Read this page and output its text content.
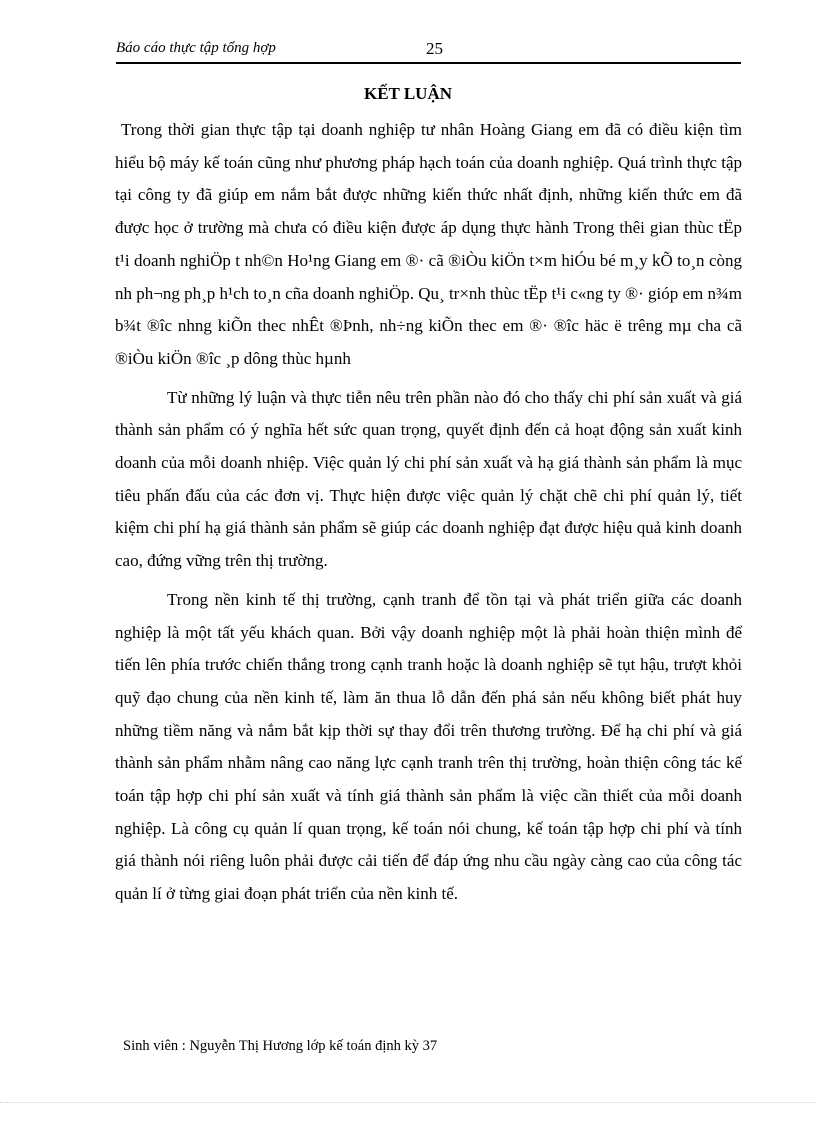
Báo cáo thực tập tổng hợp	25
KẾT LUẬN

Trong thời gian thực tập tại doanh nghiệp tư nhân Hoàng Giang em đã có điều kiện tìm hiểu bộ máy kế toán cũng như phương pháp hạch toán của doanh nghiệp. Quá trình thực tập tại công ty đã giúp em nắm bắt được những kiến thức nhất định, những kiến thức em đã được học ở trường mà chưa có điều kiện được áp dụng thực hành Trong thêi gian thùc tËp t¹i doanh nghiÖp t nh©n Ho¹ng Giang em ®· cã ®iÒu kiÖn t×m hiÓu bé m¸y kÕ to¸n còng nh ph¬ng ph¸p h¹ch to¸n cña doanh nghiÖp. Qu¸ tr×nh thùc tËp t¹i c«ng ty ®· gióp em n¾m b¾t ®îc nhng kiÕn thec nhÊt ®Þnh, nh÷ng kiÕn thec em ®· ®îc häc ë trêng mµ cha cã ®iÒu kiÖn ®îc ¸p dông thùc hµnh

Từ những lý luận và thực tiễn nêu trên phần nào đó cho thấy chi phí sản xuất và giá thành sản phẩm có ý nghĩa hết sức quan trọng, quyết định đến cả hoạt động sản xuất kinh doanh của mỗi doanh nhiệp. Việc quản lý chi phí sản xuất và hạ giá thành sản phẩm là mục tiêu phấn đấu của các đơn vị. Thực hiện được việc quản lý chặt chẽ chi phí quản lý, tiết kiệm chi phí hạ giá thành sản phẩm sẽ giúp các doanh nghiệp đạt được hiệu quả kinh doanh cao, đứng vững trên thị trường.

Trong nền kinh tế thị trường, cạnh tranh để tồn tại và phát triển giữa các doanh nghiệp là một tất yếu khách quan. Bởi vậy doanh nghiệp một là phải hoàn thiện mình để tiến lên phía trước chiến thắng trong cạnh tranh hoặc là doanh nghiệp sẽ tụt hậu, trượt khỏi quỹ đạo chung của nền kinh tế, làm ăn thua lỗ dẫn đến phá sản nếu không biết phát huy những tiềm năng và nắm bắt kịp thời sự thay đổi trên thương trường. Để hạ chi phí và giá thành sản phẩm nhằm nâng cao năng lực cạnh tranh trên thị trường, hoàn thiện công tác kế toán tập hợp chi phí sản xuất và tính giá thành sản phẩm là việc cần thiết của mỗi doanh nghiệp. Là công cụ quản lí quan trọng, kế toán nói chung, kế toán tập hợp chi phí và tính giá thành nói riêng luôn phải được cải tiến để đáp ứng nhu cầu ngày càng cao của công tác quản lí ở từng giai đoạn phát triển của nền kinh tế.

Sinh viên : Nguyễn Thị Hương lớp kế toán định kỳ 37
